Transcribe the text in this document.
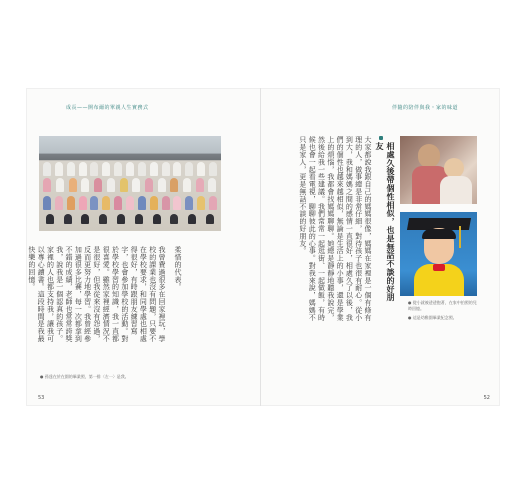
成長——開布爾的單親人生實務式
● 孫達在於在園的畢業照，第一排〈左一〉是我。
我曾費過很多在回家裡玩，學校的課業也沒有問題，只要不在學校要求，和同學處也相處得很好，有時跟朋友練習寫字，也會參加學校的活動。對於學校學習的知識，我一直都很喜愛。雖然家裡經濟情況不是很好，但我從來沒有怨過，反而更努力地學習。我曾經參加過很多比賽，每一次都拿到不錯的成績，老師也常常誇獎我，說我是一個認真的孩子。家裡的人也都支持我，讓我可以專心讀書。這段時間是我最快樂的回憶。	柔惜的代表。
53
伴隨的陪伴與我・家的味道
相處久後帶個性相似，也是無話不談的好朋友
大家都說我跟自己的媽媽很像，媽媽在家裡是一個有條有理的人，做事總是非常仔細，對待孩子也很有耐心。從小到大，我和媽媽之間的感情一直很好，相處久了以後，我們的個性也越來越相似，無論是生活上的小事，還是學業上的煩惱，我都會找媽媽聊聊。她總是靜靜地聽我說完，然後給我一些建議。我們常常一起逛街、一起做飯，有時候也會一起看電視，聊聊彼此的心事。對我來說，媽媽不只是家人，更是無話不談的好朋友。
● 從小就被爸爸抱著，在家中拍照的兒時回憶。
● 這是幼稚園畢業紀念照。
52
